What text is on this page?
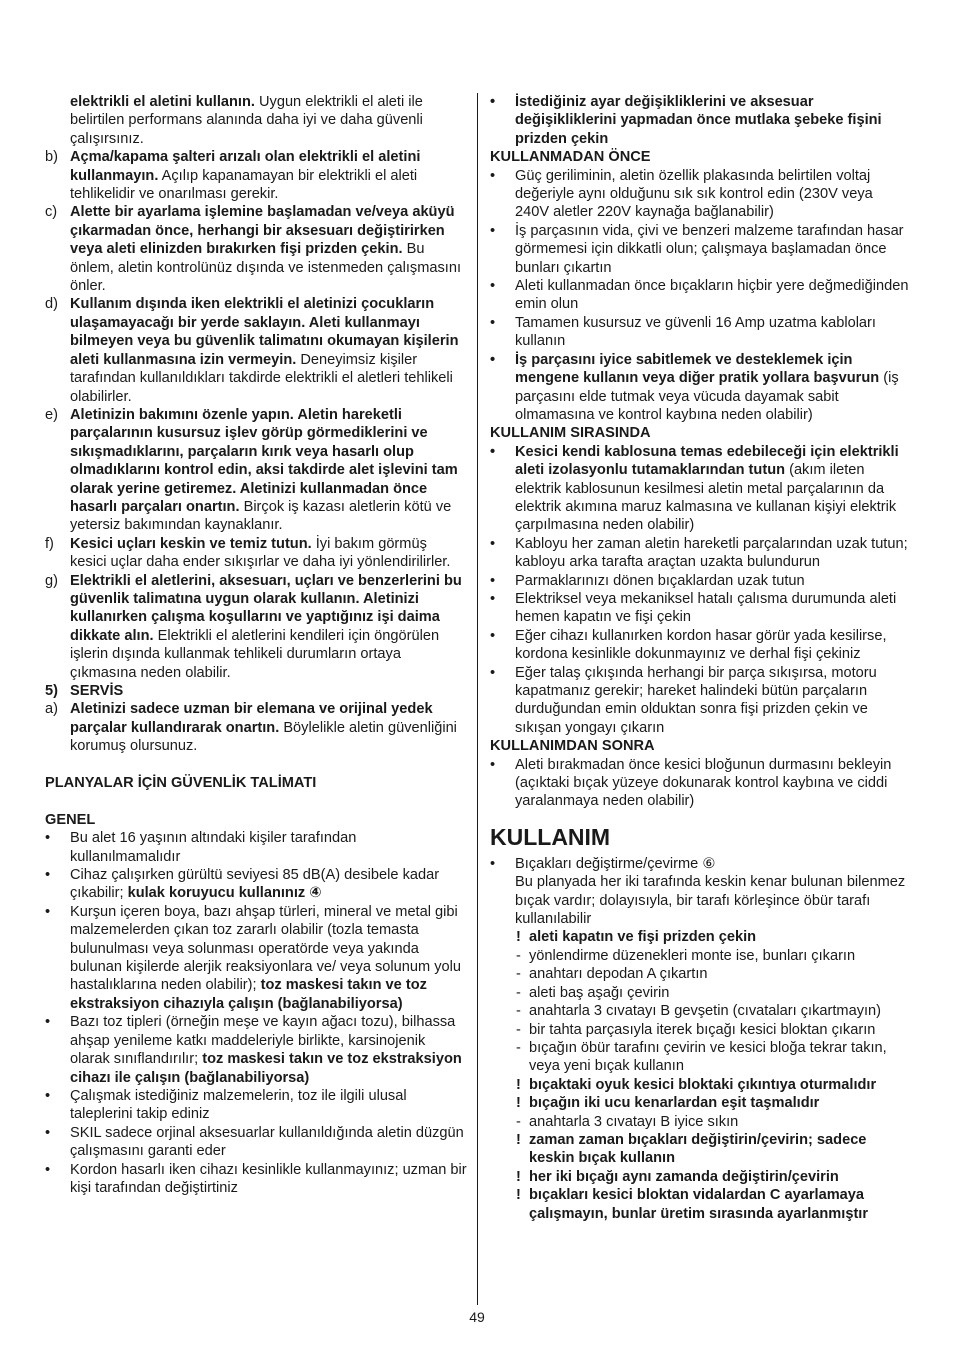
elektrikli el aletini kullanın. Uygun elektrikli el aleti ile belirtilen performans alanında daha iyi ve daha güvenli çalışırsınız.
b) Açma/kapama şalteri arızalı olan elektrikli el aletini kullanmayın. Açılıp kapanamayan bir elektrikli el aleti tehlikelidir ve onarılması gerekir.
c) Alette bir ayarlama işlemine başlamadan ve/veya aküyü çıkarmadan önce, herhangi bir aksesuarı değiştirirken veya aleti elinizden bırakırken fişi prizden çekin. Bu önlem, aletin kontrolünüz dışında ve istenmeden çalışmasını önler.
d) Kullanım dışında iken elektrikli el aletinizi çocukların ulaşamayacağı bir yerde saklayın. Aleti kullanmayı bilmeyen veya bu güvenlik talimatını okumayan kişilerin aleti kullanmasına izin vermeyin. Deneyimsiz kişiler tarafından kullanıldıkları takdirde elektrikli el aletleri tehlikeli olabilirler.
e) Aletinizin bakımını özenle yapın. Aletin hareketli parçalarının kusursuz işlev görüp görmediklerini ve sıkışmadıklarını, parçaların kırık veya hasarlı olup olmadıklarını kontrol edin, aksi takdirde alet işlevini tam olarak yerine getiremez. Aletinizi kullanmadan önce hasarlı parçaları onartın. Birçok iş kazası aletlerin kötü ve yetersiz bakımından kaynaklanır.
f) Kesici uçları keskin ve temiz tutun. İyi bakım görmüş kesici uçlar daha ender sıkışırlar ve daha iyi yönlendirilirler.
g) Elektrikli el aletlerini, aksesuarı, uçları ve benzerlerini bu güvenlik talimatına uygun olarak kullanın. Aletinizi kullanırken çalışma koşullarını ve yaptığınız işi daima dikkate alın. Elektrikli el aletlerini kendileri için öngörülen işlerin dışında kullanmak tehlikeli durumların ortaya çıkmasına neden olabilir.
5) SERVİS
a) Aletinizi sadece uzman bir elemana ve orijinal yedek parçalar kullandırarak onartın. Böylelikle aletin güvenliğini korumuş olursunuz.
PLANYALAR İÇİN GÜVENLİK TALİMATI
GENEL
• Bu alet 16 yaşının altındaki kişiler tarafından kullanılmamalıdır
• Cihaz çalışırken gürültü seviyesi 85 dB(A) desibele kadar çıkabilir; kulak koruyucu kullanınız ④
• Kurşun içeren boya, bazı ahşap türleri, mineral ve metal gibi malzemelerden çıkan toz zararlı olabilir (tozla temasta bulunulması veya solunması operatörde veya yakında bulunan kişilerde alerjik reaksiyonlara ve/ veya solunum yolu hastalıklarına neden olabilir); toz maskesi takın ve toz ekstraksiyon cihazıyla çalışın (bağlanabiliyorsa)
• Bazı toz tipleri (örneğin meşe ve kayın ağacı tozu), bilhassa ahşap yenileme katkı maddeleriyle birlikte, karsinojenik olarak sınıflandırılır; toz maskesi takın ve toz ekstraksiyon cihazı ile çalışın (bağlanabiliyorsa)
• Çalışmak istediğiniz malzemelerin, toz ile ilgili ulusal taleplerini takip ediniz
• SKIL sadece orjinal aksesuarlar kullanıldığında aletin düzgün çalışmasını garanti eder
• Kordon hasarlı iken cihazı kesinlikle kullanmayınız; uzman bir kişi tarafından değiştirtiniz
• İstediğiniz ayar değişikliklerini ve aksesuar değişikliklerini yapmadan önce mutlaka şebeke fişini prizden çekin
KULLANMADAN ÖNCE
• Güç geriliminin, aletin özellik plakasında belirtilen voltaj değeriyle aynı olduğunu sık sık kontrol edin (230V veya 240V aletler 220V kaynağa bağlanabilir)
• İş parçasının vida, çivi ve benzeri malzeme tarafından hasar görmemesi için dikkatli olun; çalışmaya başlamadan önce bunları çıkartın
• Aleti kullanmadan önce bıçakların hiçbir yere değmediğinden emin olun
• Tamamen kusursuz ve güvenli 16 Amp uzatma kabloları kullanın
• İş parçasını iyice sabitlemek ve desteklemek için mengene kullanın veya diğer pratik yollara başvurun (iş parçasını elde tutmak veya vücuda dayamak sabit olmamasına ve kontrol kaybına neden olabilir)
KULLANIM SIRASINDA
• Kesici kendi kablosuna temas edebileceği için elektrikli aleti izolasyonlu tutamaklarından tutun (akım ileten elektrik kablosunun kesilmesi aletin metal parçalarının da elektrik akımına maruz kalmasına ve kullanan kişiyi elektrik çarpılmasına neden olabilir)
• Kabloyu her zaman aletin hareketli parçalarından uzak tutun; kabloyu arka tarafta araçtan uzakta bulundurun
• Parmaklarınızı dönen bıçaklardan uzak tutun
• Elektriksel veya mekaniksel hatalı çalısma durumunda aleti hemen kapatın ve fişi çekin
• Eğer cihazı kullanırken kordon hasar görür yada kesilirse, kordona kesinlikle dokunmayınız ve derhal fişi çekiniz
• Eğer talaş çıkışında herhangi bir parça sıkışırsa, motoru kapatmanız gerekir; hareket halindeki bütün parçaların durduğundan emin olduktan sonra fişi prizden çekin ve sıkışan yongayı çıkarın
KULLANIMDAN SONRA
• Aleti bırakmadan önce kesici bloğunun durmasını bekleyin (açıktaki bıçak yüzeye dokunarak kontrol kaybına ve ciddi yaralanmaya neden olabilir)
KULLANIM
• Bıçakları değiştirme/çevirme ⑥
Bu planyada her iki tarafında keskin kenar bulunan bilenmez bıçak vardır; dolayısıyla, bir tarafı körleşince öbür tarafı kullanılabilir
! aleti kapatın ve fişi prizden çekin
- yönlendirme düzenekleri monte ise, bunları çıkarın
- anahtarı depodan A çıkartın
- aleti baş aşağı çevirin
- anahtarla 3 cıvatayı B gevşetin (cıvataları çıkartmayın)
- bir tahta parçasıyla iterek bıçağı kesici bloktan çıkarın
- bıçağın öbür tarafını çevirin ve kesici bloğa tekrar takın, veya yeni bıçak kullanın
! bıçaktaki oyuk kesici bloktaki çıkıntıya oturmalıdır
! bıçağın iki ucu kenarlardan eşit taşmalıdır
- anahtarla 3 cıvatayı B iyice sıkın
! zaman zaman bıçakları değiştirin/çevirin; sadece keskin bıçak kullanın
! her iki bıçağı aynı zamanda değiştirin/çevirin
! bıçakları kesici bloktan vidalardan C ayarlamaya çalışmayın, bunlar üretim sırasında ayarlanmıştır
49
